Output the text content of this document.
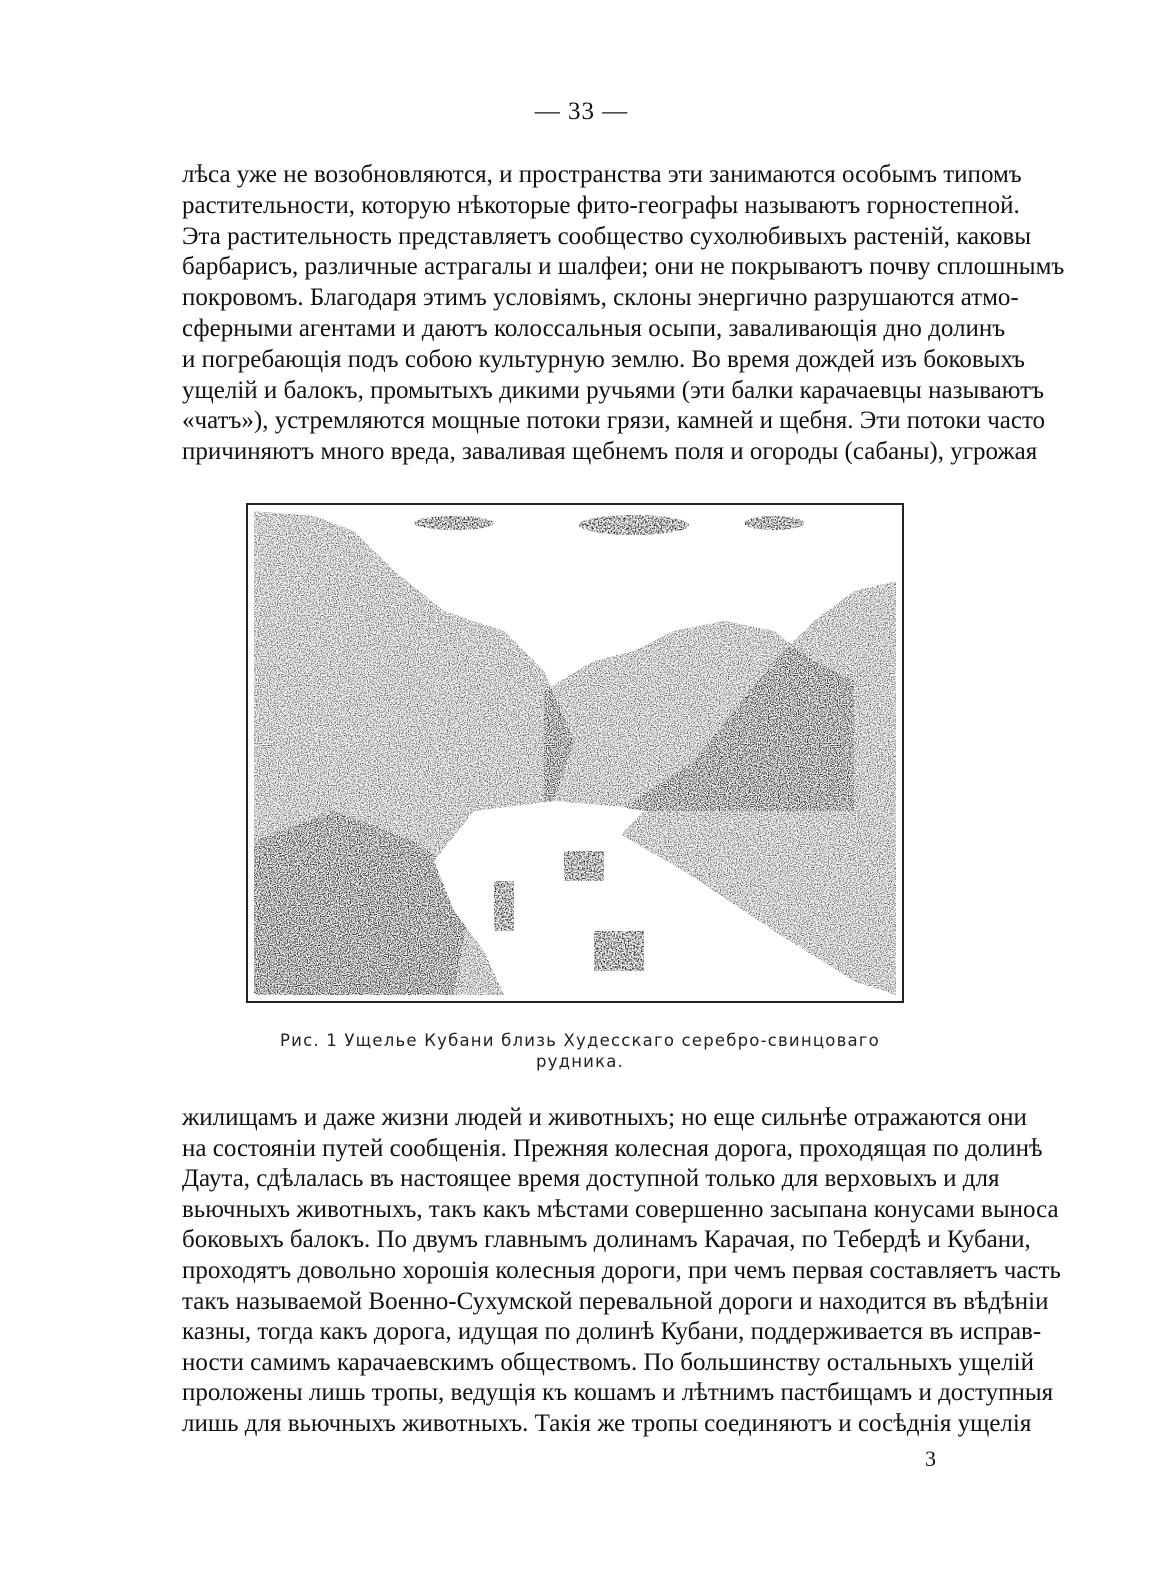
— 33 —

лѣса уже не возобновляются, и пространства эти занимаются особымъ типомъ
растительности, которую нѣкоторые фито-географы называютъ горностепной.
Эта растительность представляетъ сообщество сухолюбивыхъ растенiй, каковы
барбарисъ, различные астрагалы и шалфеи; они не покрываютъ почву сплошнымъ
покровомъ. Благодаря этимъ условiямъ, склоны энергично разрушаются атмо-
сферными агентами и даютъ колоссальныя осыпи, заваливающiя дно долинъ
и погребающiя подъ собою культурную землю. Во время дождей изъ боковыхъ
ущелiй и балокъ, промытыхъ дикими ручьями (эти балки карачаевцы называютъ
«чатъ»), устремляются мощные потоки грязи, камней и щебня. Эти потоки часто
причиняютъ много вреда, заваливая щебнемъ поля и огороды (сабаны), угрожая

Рис. 1 Ущелье Кубани близь Худесскаго серебро-свинцоваго
рудника.

жилищамъ и даже жизни людей и животныхъ; но еще сильнѣе отражаются они
на состоянiи путей сообщенiя. Прежняя колесная дорога, проходящая по долинѣ
Даута, сдѣлалась въ настоящее время доступной только для верховыхъ и для
вьючныхъ животныхъ, такъ какъ мѣстами совершенно засыпана конусами выноса
боковыхъ балокъ. По двумъ главнымъ долинамъ Карачая, по Тебердѣ и Кубани,
проходятъ довольно хорошiя колесныя дороги, при чемъ первая составляетъ часть
такъ называемой Военно-Сухумской перевальной дороги и находится въ вѣдѣнiи
казны, тогда какъ дорога, идущая по долинѣ Кубани, поддерживается въ исправ-
ности самимъ карачаевскимъ обществомъ. По большинству остальныхъ ущелiй
проложены лишь тропы, ведущiя къ кошамъ и лѣтнимъ пастбищамъ и доступныя
лишь для вьючныхъ животныхъ. Такiя же тропы соединяютъ и сосѣднiя ущелiя

3
